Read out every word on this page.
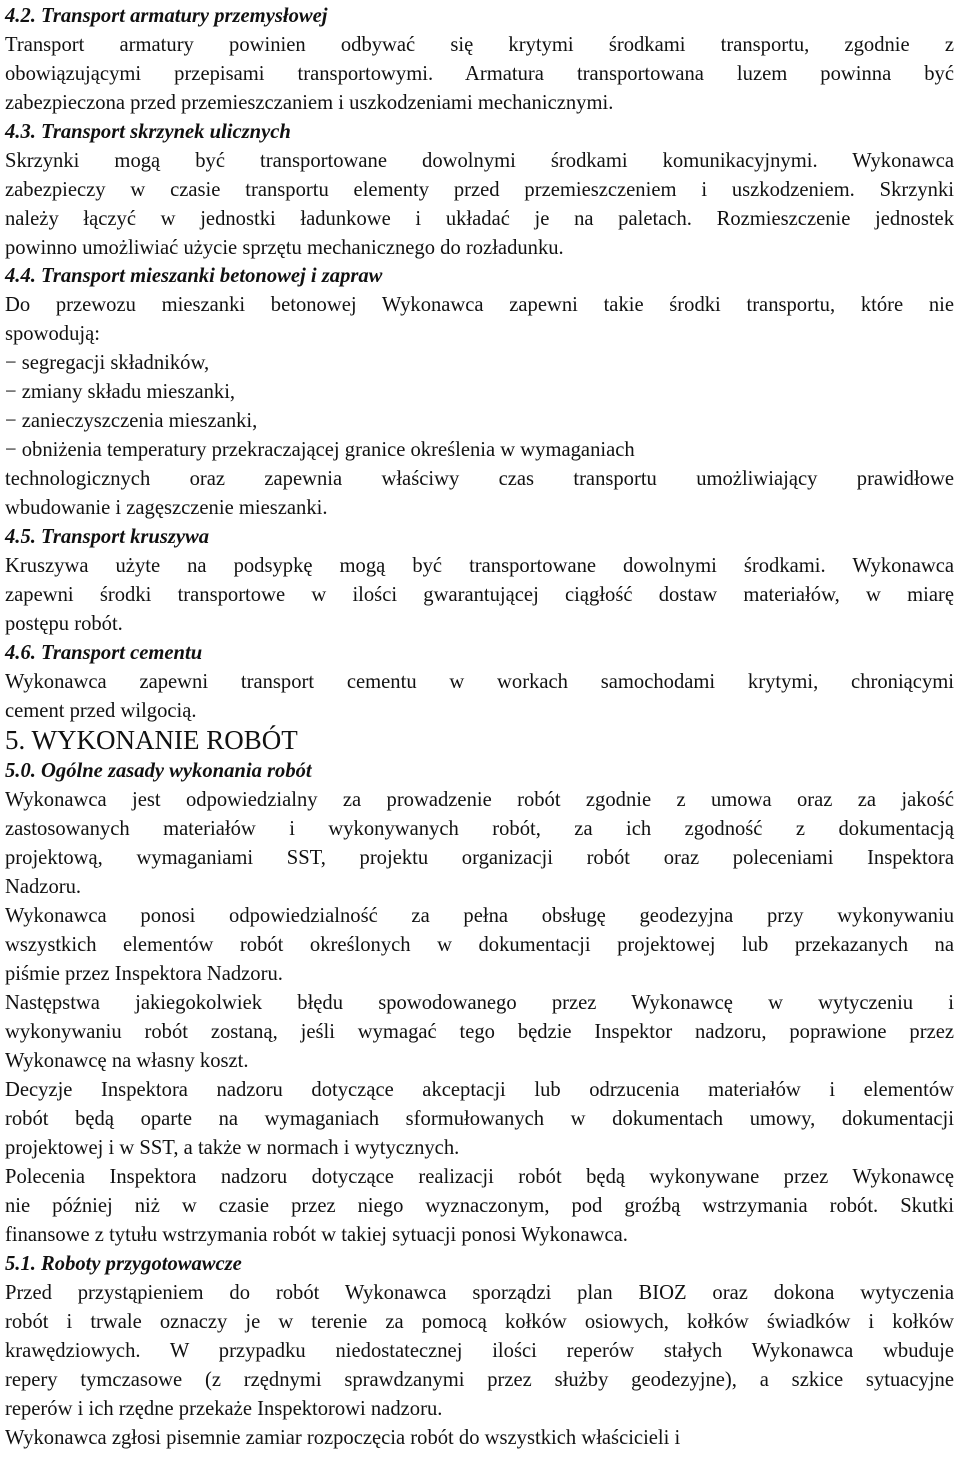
4.2. Transport armatury przemysłowej
Transport armatury powinien odbywać się krytymi środkami transportu, zgodnie z
obowiązującymi przepisami transportowymi. Armatura transportowana luzem powinna być
zabezpieczona przed przemieszczaniem i uszkodzeniami mechanicznymi.
4.3. Transport skrzynek ulicznych
Skrzynki mogą być transportowane dowolnymi środkami komunikacyjnymi. Wykonawca
zabezpieczy w czasie transportu elementy przed przemieszczeniem i uszkodzeniem. Skrzynki
należy łączyć w jednostki ładunkowe i układać je na paletach. Rozmieszczenie jednostek
powinno umożliwiać użycie sprzętu mechanicznego do rozładunku.
4.4. Transport mieszanki betonowej i zapraw
Do przewozu mieszanki betonowej Wykonawca zapewni takie środki transportu, które nie
spowodują:
− segregacji składników,
− zmiany składu mieszanki,
− zanieczyszczenia mieszanki,
− obniżenia temperatury przekraczającej granice określenia w wymaganiach
technologicznych oraz zapewnia właściwy czas transportu umożliwiający prawidłowe
wbudowanie i zagęszczenie mieszanki.
4.5. Transport kruszywa
Kruszywa użyte na podsypkę mogą być transportowane dowolnymi środkami. Wykonawca
zapewni środki transportowe w ilości gwarantującej ciągłość dostaw materiałów, w miarę
postępu robót.
4.6. Transport cementu
Wykonawca zapewni transport cementu w workach samochodami krytymi, chroniącymi
cement przed wilgocią.
5. WYKONANIE ROBÓT
5.0. Ogólne zasady wykonania robót
Wykonawca jest odpowiedzialny za prowadzenie robót zgodnie z umowa oraz za jakość
zastosowanych materiałów i wykonywanych robót, za ich zgodność z dokumentacją
projektową, wymaganiami SST, projektu organizacji robót oraz poleceniami Inspektora
Nadzoru.
Wykonawca ponosi odpowiedzialność za pełna obsługę geodezyjna przy wykonywaniu
wszystkich elementów robót określonych w dokumentacji projektowej lub przekazanych na
piśmie przez Inspektora Nadzoru.
Następstwa jakiegokolwiek błędu spowodowanego przez Wykonawcę w wytyczeniu i
wykonywaniu robót zostaną, jeśli wymagać tego będzie Inspektor nadzoru, poprawione przez
Wykonawcę na własny koszt.
Decyzje Inspektora nadzoru dotyczące akceptacji lub odrzucenia materiałów i elementów
robót będą oparte na wymaganiach sformułowanych w dokumentach umowy, dokumentacji
projektowej i w SST, a także w normach i wytycznych.
Polecenia Inspektora nadzoru dotyczące realizacji robót będą wykonywane przez Wykonawcę
nie później niż w czasie przez niego wyznaczonym, pod groźbą wstrzymania robót. Skutki
finansowe z tytułu wstrzymania robót w takiej sytuacji ponosi Wykonawca.
5.1. Roboty przygotowawcze
Przed przystąpieniem do robót Wykonawca sporządzi plan BIOZ oraz dokona wytyczenia
robót i trwale oznaczy je w terenie za pomocą kołków osiowych, kołków świadków i kołków
krawędziowych. W przypadku niedostatecznej ilości reperów stałych Wykonawca wbuduje
repery tymczasowe (z rzędnymi sprawdzanymi przez służby geodezyjne), a szkice sytuacyjne
reperów i ich rzędne przekaże Inspektorowi nadzoru.
Wykonawca zgłosi pisemnie zamiar rozpoczęcia robót do wszystkich właścicieli i
